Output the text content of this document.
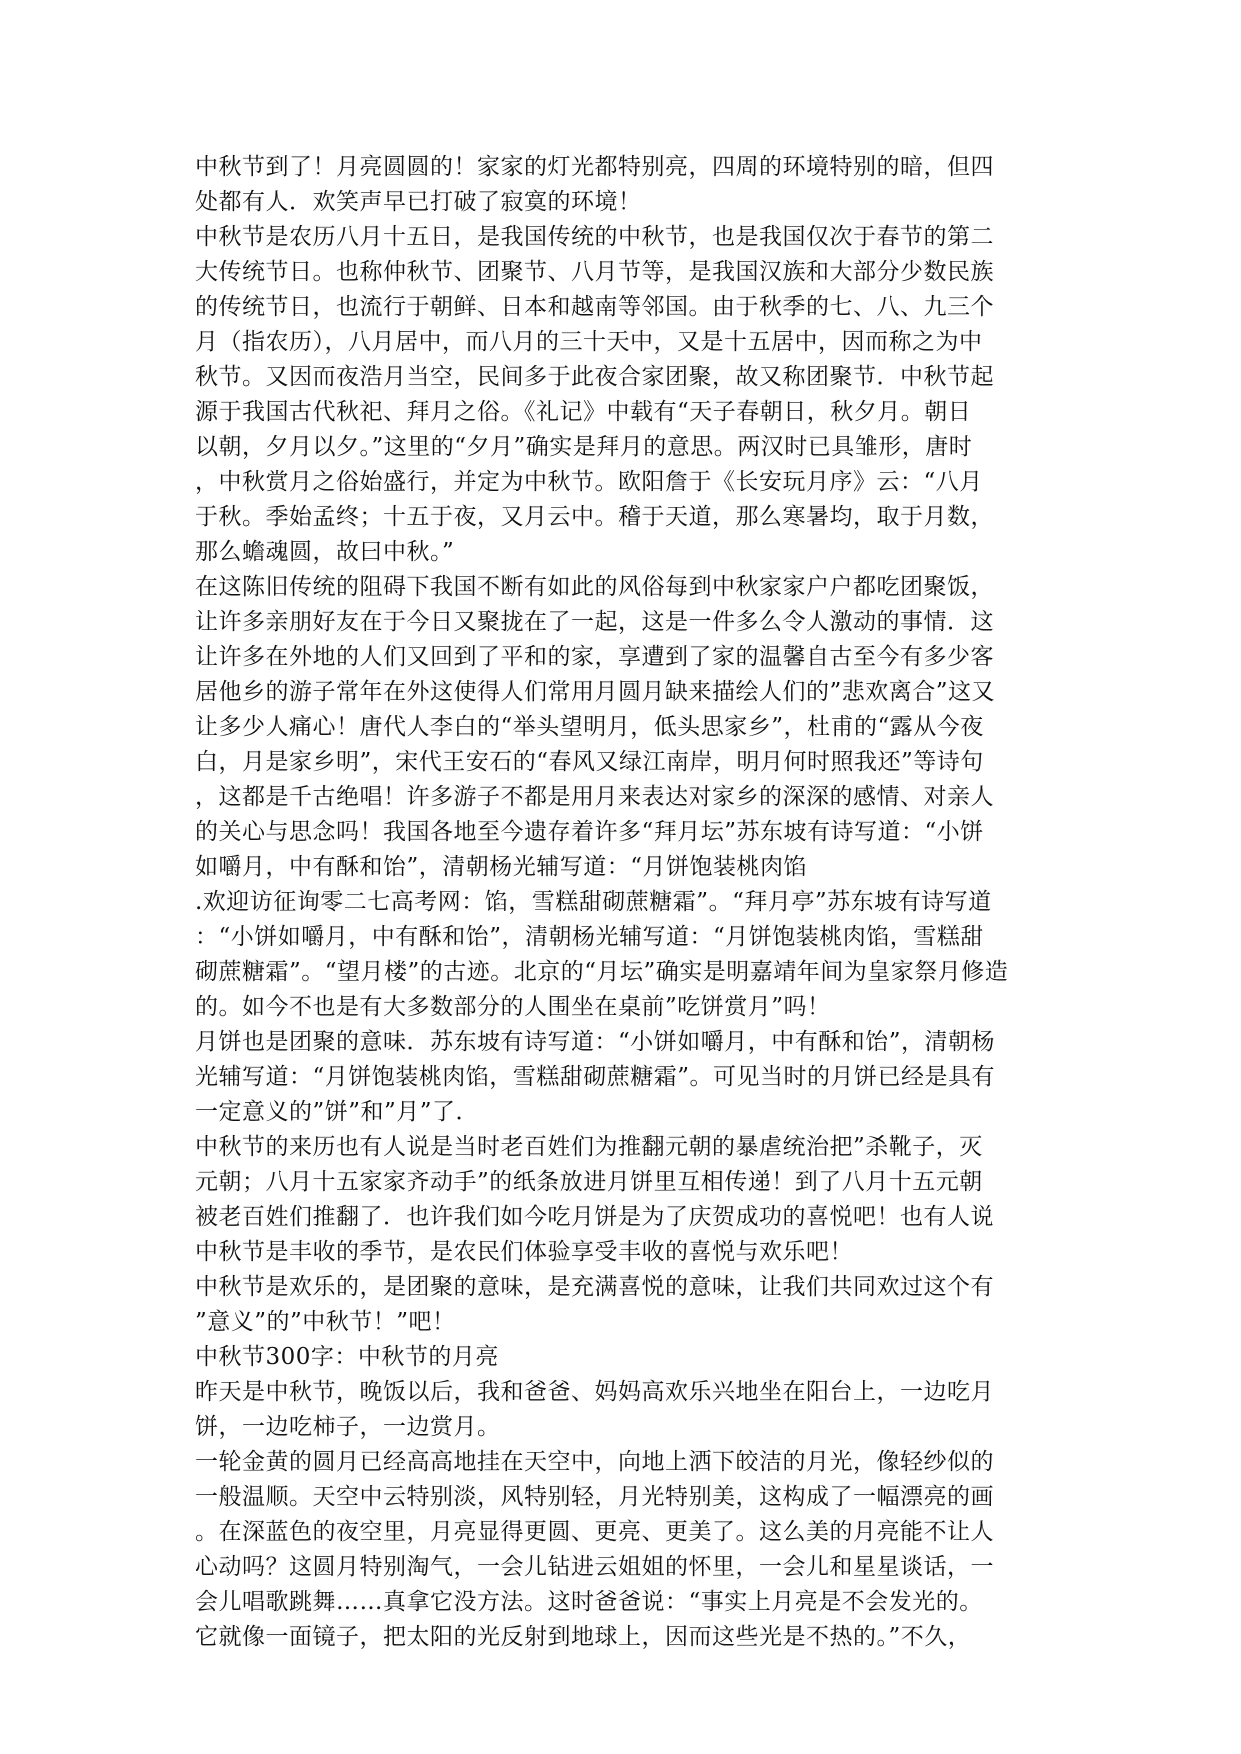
中秋节到了！月亮圆圆的！家家的灯光都特别亮，四周的环境特别的暗，但四
处都有人．欢笑声早已打破了寂寞的环境！
中秋节是农历八月十五日，是我国传统的中秋节，也是我国仅次于春节的第二
大传统节日。也称仲秋节、团聚节、八月节等，是我国汉族和大部分少数民族
的传统节日，也流行于朝鲜、日本和越南等邻国。由于秋季的七、八、九三个
月（指农历），八月居中，而八月的三十天中，又是十五居中，因而称之为中
秋节。又因而夜浩月当空，民间多于此夜合家团聚，故又称团聚节．中秋节起
源于我国古代秋祀、拜月之俗。《礼记》中载有“天子春朝日，秋夕月。朝日
以朝，夕月以夕。”这里的“夕月”确实是拜月的意思。两汉时已具雏形，唐时
，中秋赏月之俗始盛行，并定为中秋节。欧阳詹于《长安玩月序》云：“八月
于秋。季始孟终；十五于夜，又月云中。稽于天道，那么寒暑均，取于月数，
那么蟾魂圆，故曰中秋。”
在这陈旧传统的阻碍下我国不断有如此的风俗每到中秋家家户户都吃团聚饭，
让许多亲朋好友在于今日又聚拢在了一起，这是一件多么令人激动的事情．这
让许多在外地的人们又回到了平和的家，享遭到了家的温馨自古至今有多少客
居他乡的游子常年在外这使得人们常用月圆月缺来描绘人们的”悲欢离合”这又
让多少人痛心！唐代人李白的“举头望明月，低头思家乡”，杜甫的“露从今夜
白，月是家乡明”，宋代王安石的“春风又绿江南岸，明月何时照我还”等诗句
，这都是千古绝唱！许多游子不都是用月来表达对家乡的深深的感情、对亲人
的关心与思念吗！我国各地至今遗存着许多“拜月坛”苏东坡有诗写道：“小饼
如嚼月，中有酥和饴”，清朝杨光辅写道：“月饼饱装桃肉馅
.欢迎访征询零二七高考网：馅，雪糕甜砌蔗糖霜”。“拜月亭”苏东坡有诗写道
：“小饼如嚼月，中有酥和饴”，清朝杨光辅写道：“月饼饱装桃肉馅，雪糕甜
砌蔗糖霜”。“望月楼”的古迹。北京的“月坛”确实是明嘉靖年间为皇家祭月修造
的。如今不也是有大多数部分的人围坐在桌前”吃饼赏月”吗！
月饼也是团聚的意味．苏东坡有诗写道：“小饼如嚼月，中有酥和饴”，清朝杨
光辅写道：“月饼饱装桃肉馅，雪糕甜砌蔗糖霜”。可见当时的月饼已经是具有
一定意义的”饼”和”月”了．
中秋节的来历也有人说是当时老百姓们为推翻元朝的暴虐统治把”杀靴子，灭
元朝；八月十五家家齐动手”的纸条放进月饼里互相传递！到了八月十五元朝
被老百姓们推翻了．也许我们如今吃月饼是为了庆贺成功的喜悦吧！也有人说
中秋节是丰收的季节，是农民们体验享受丰收的喜悦与欢乐吧！
中秋节是欢乐的，是团聚的意味，是充满喜悦的意味，让我们共同欢过这个有
”意义”的”中秋节！”吧！
中秋节300字：中秋节的月亮
昨天是中秋节，晚饭以后，我和爸爸、妈妈高欢乐兴地坐在阳台上，一边吃月
饼，一边吃柿子，一边赏月。
一轮金黄的圆月已经高高地挂在天空中，向地上洒下皎洁的月光，像轻纱似的
一般温顺。天空中云特别淡，风特别轻，月光特别美，这构成了一幅漂亮的画
。在深蓝色的夜空里，月亮显得更圆、更亮、更美了。这么美的月亮能不让人
心动吗？这圆月特别淘气，一会儿钻进云姐姐的怀里，一会儿和星星谈话，一
会儿唱歌跳舞……真拿它没方法。这时爸爸说：“事实上月亮是不会发光的。
它就像一面镜子，把太阳的光反射到地球上，因而这些光是不热的。”不久，
